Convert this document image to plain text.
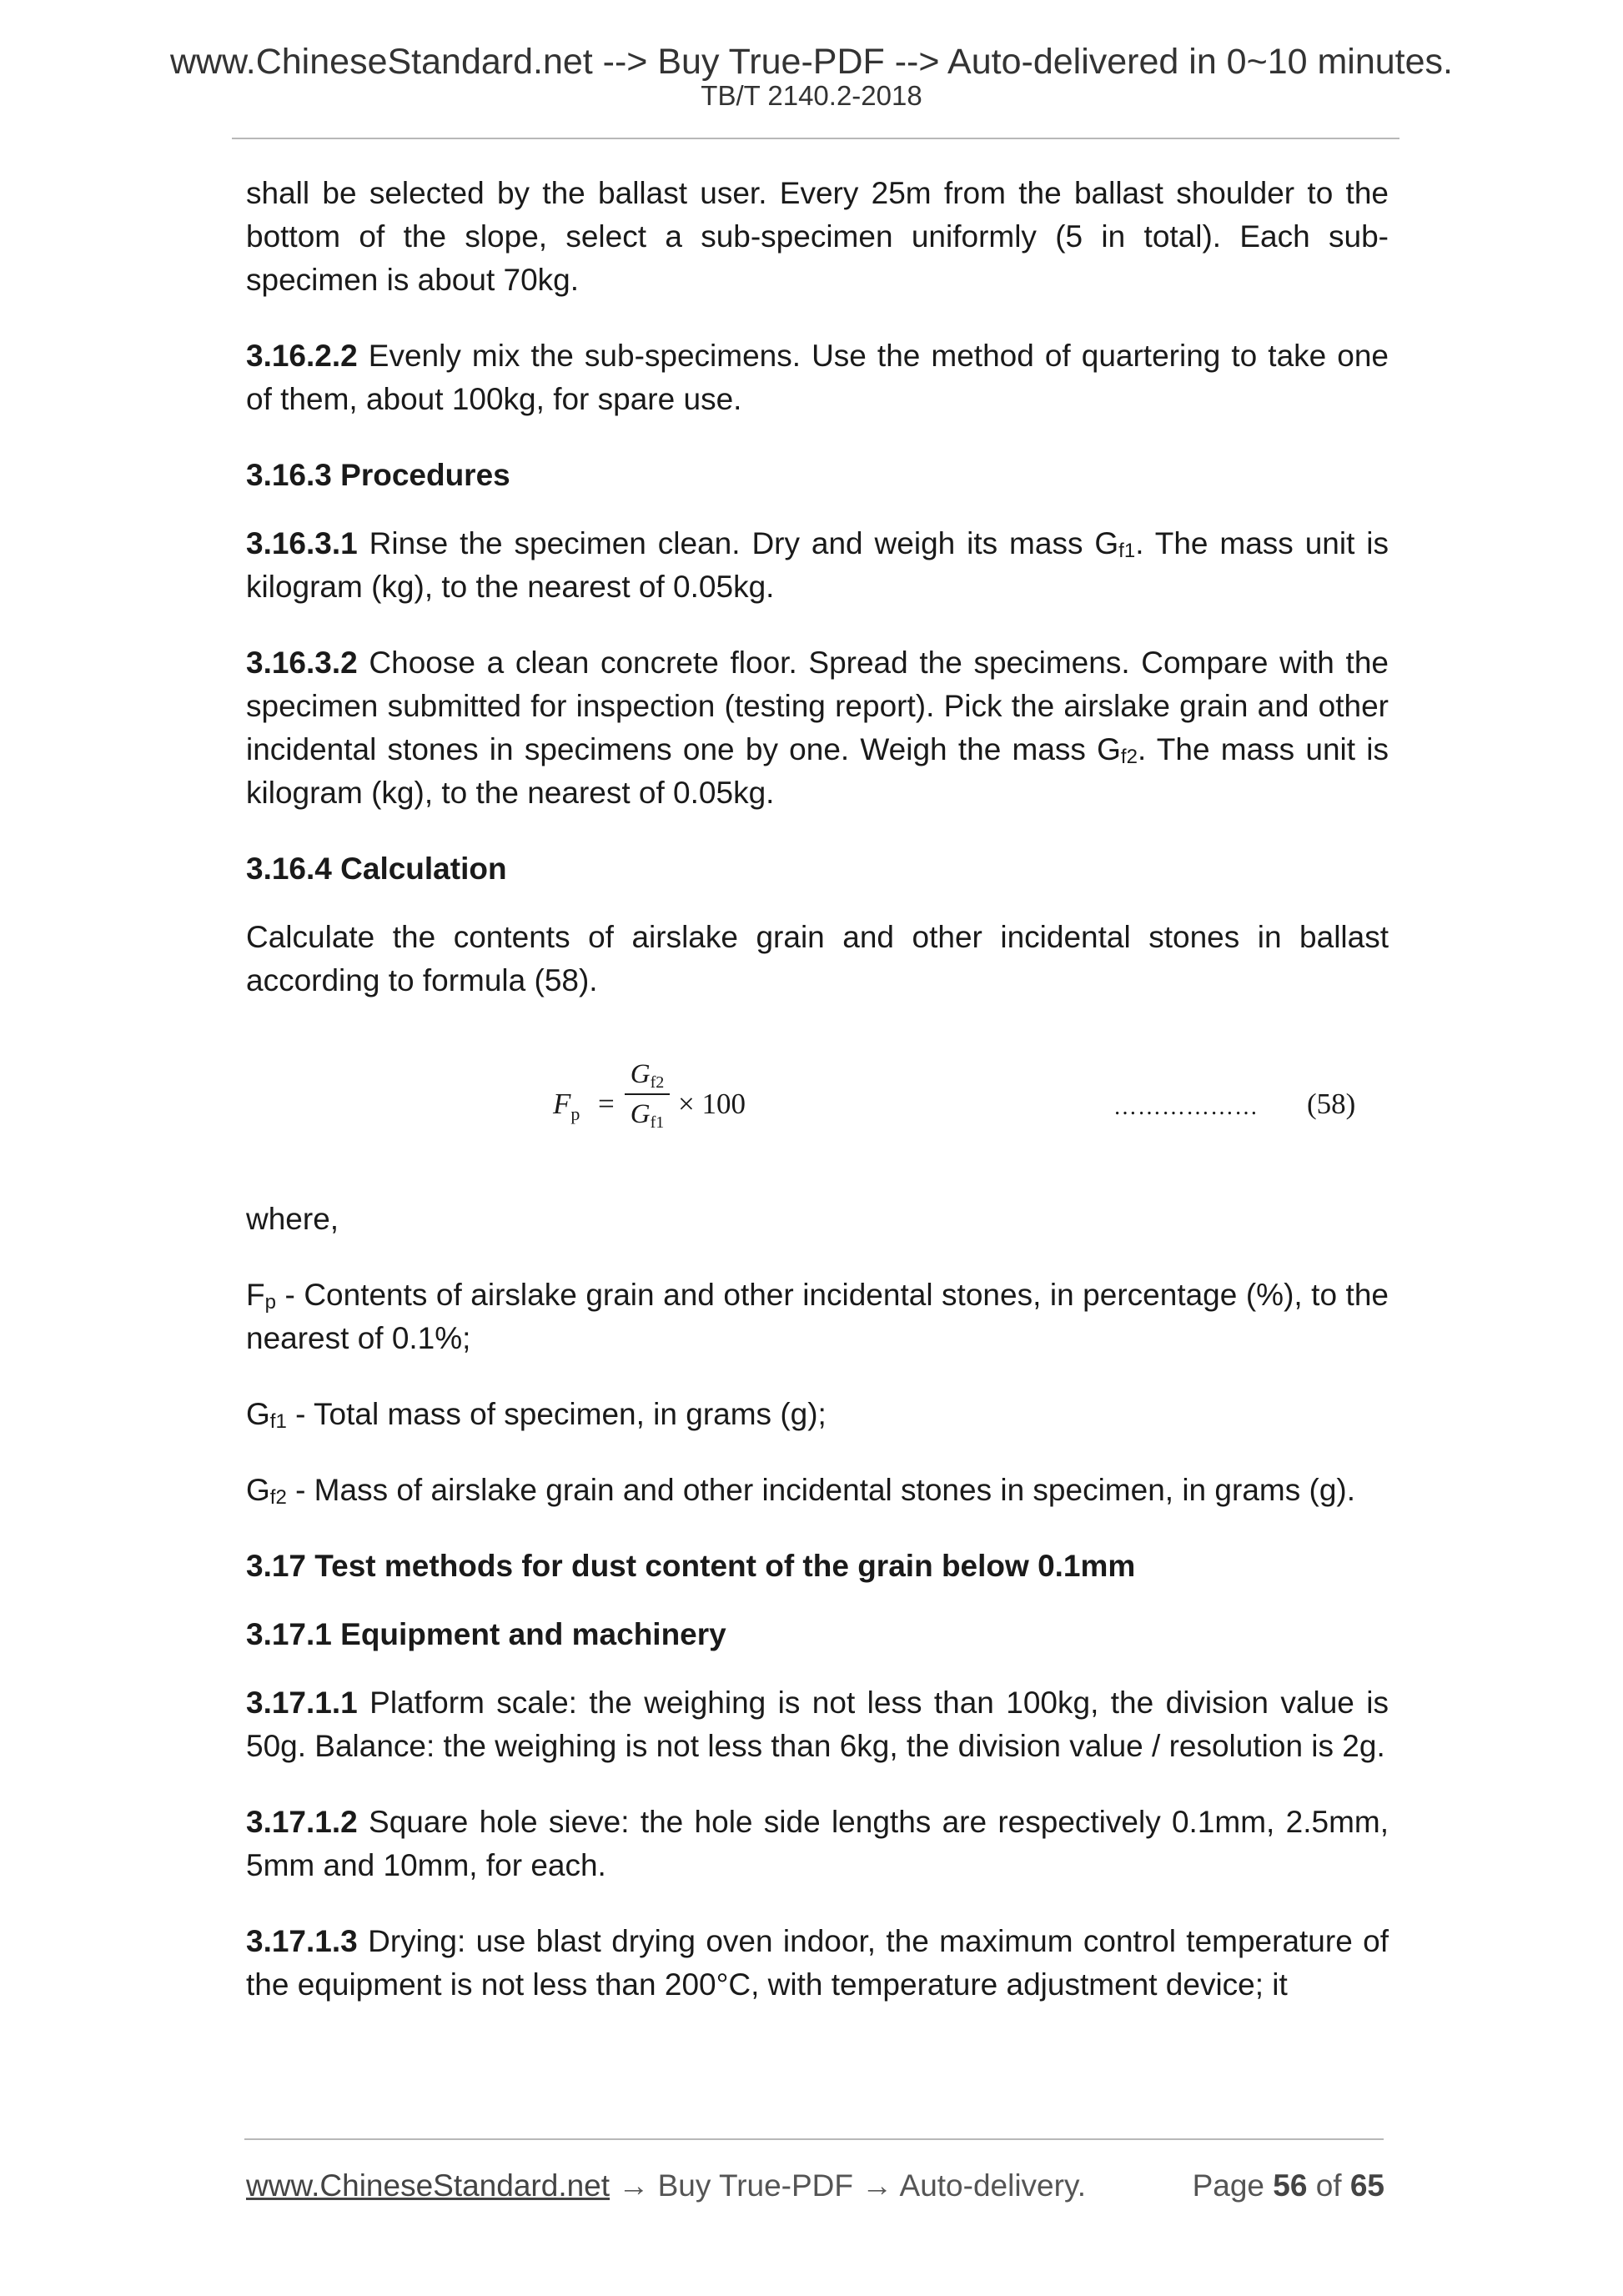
www.ChineseStandard.net --> Buy True-PDF --> Auto-delivered in 0~10 minutes.
TB/T 2140.2-2018

shall be selected by the ballast user. Every 25m from the ballast shoulder to the bottom of the slope, select a sub-specimen uniformly (5 in total). Each sub-specimen is about 70kg.

3.16.2.2 Evenly mix the sub-specimens. Use the method of quartering to take one of them, about 100kg, for spare use.

3.16.3 Procedures

3.16.3.1 Rinse the specimen clean. Dry and weigh its mass $G_{f1}$. The mass unit is kilogram (kg), to the nearest of 0.05kg.

3.16.3.2 Choose a clean concrete floor. Spread the specimens. Compare with the specimen submitted for inspection (testing report). Pick the airslake grain and other incidental stones in specimens one by one. Weigh the mass $G_{f2}$. The mass unit is kilogram (kg), to the nearest of 0.05kg.

3.16.4 Calculation

Calculate the contents of airslake grain and other incidental stones in ballast according to formula (58).

$F_p$ =
$G_{f2}$
$G_{f1}$
× 100	……………… (58)

where,

$F_p$ - Contents of airslake grain and other incidental stones, in percentage (%), to the nearest of 0.1%;

$G_{f1}$ - Total mass of specimen, in grams (g);

$G_{f2}$ - Mass of airslake grain and other incidental stones in specimen, in grams (g).

3.17 Test methods for dust content of the grain below 0.1mm

3.17.1 Equipment and machinery

3.17.1.1 Platform scale: the weighing is not less than 100kg, the division value is 50g. Balance: the weighing is not less than 6kg, the division value / resolution is 2g.

3.17.1.2 Square hole sieve: the hole side lengths are respectively 0.1mm, 2.5mm, 5mm and 10mm, for each.

3.17.1.3 Drying: use blast drying oven indoor, the maximum control temperature of the equipment is not less than 200°C, with temperature adjustment device; it

www.ChineseStandard.net → Buy True-PDF → Auto-delivery.	Page 56 of 65
